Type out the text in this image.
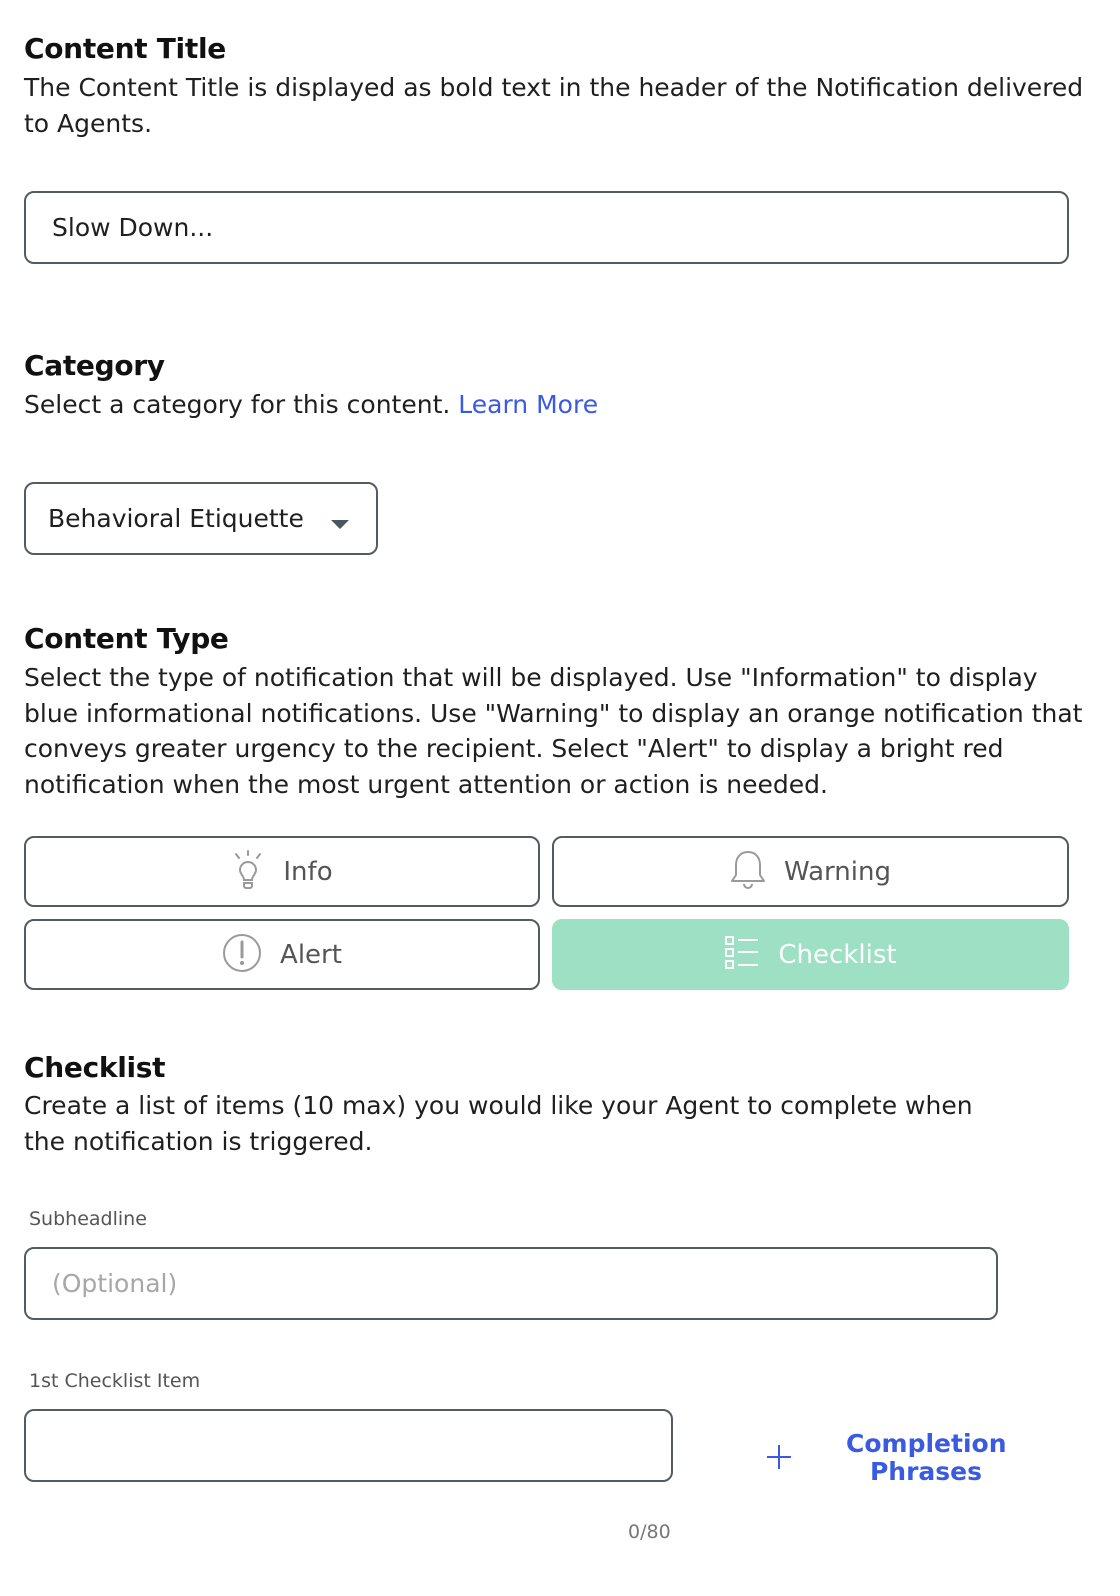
Content Title
The Content Title is displayed as bold text in the header of the Notification delivered to Agents.
Slow Down...
Category
Select a category for this content. Learn More
Behavioral Etiquette
Content Type
Select the type of notification that will be displayed. Use "Information" to display blue informational notifications. Use "Warning" to display an orange notification that conveys greater urgency to the recipient. Select "Alert" to display a bright red notification when the most urgent attention or action is needed.
Info	Warning
Alert	Checklist
Checklist
Create a list of items (10 max) you would like your Agent to complete when the notification is triggered.
Subheadline
(Optional)
1st Checklist Item
Completion
Phrases
0/80
